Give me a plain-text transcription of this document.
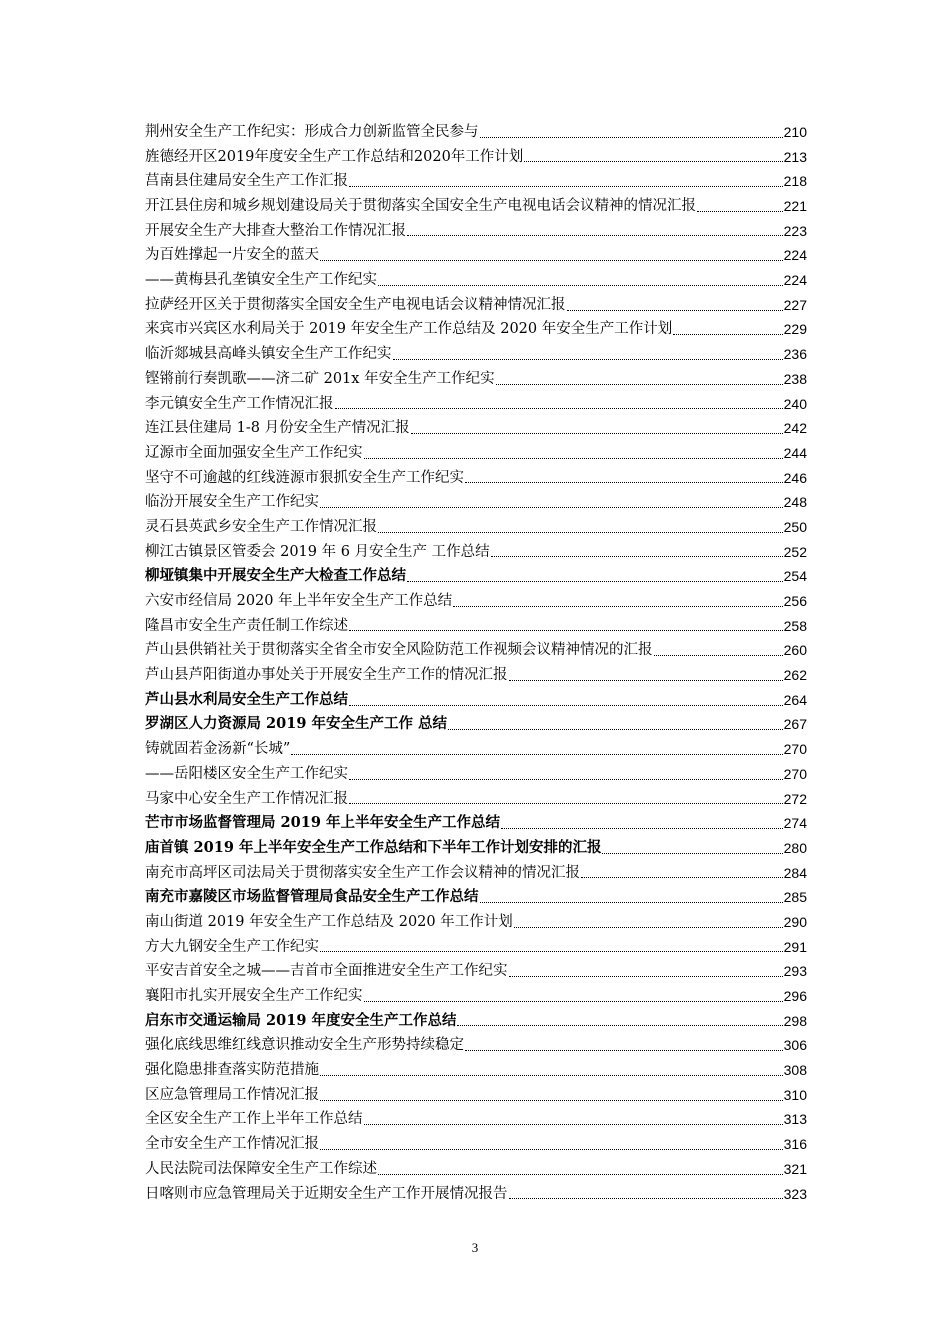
荆州安全生产工作纪实：形成合力创新监管全民参与	210
旌德经开区2019年度安全生产工作总结和2020年工作计划	213
莒南县住建局安全生产工作汇报	218
开江县住房和城乡规划建设局关于贯彻落实全国安全生产电视电话会议精神的情况汇报	221
开展安全生产大排查大整治工作情况汇报	223
为百姓撑起一片安全的蓝天	224
——黄梅县孔垄镇安全生产工作纪实	224
拉萨经开区关于贯彻落实全国安全生产电视电话会议精神情况汇报	227
来宾市兴宾区水利局关于 2019 年安全生产工作总结及 2020 年安全生产工作计划	229
临沂郯城县高峰头镇安全生产工作纪实	236
铿锵前行奏凯歌——济二矿 201x 年安全生产工作纪实	238
李元镇安全生产工作情况汇报	240
连江县住建局 1-8 月份安全生产情况汇报	242
辽源市全面加强安全生产工作纪实	244
坚守不可逾越的红线涟源市狠抓安全生产工作纪实	246
临汾开展安全生产工作纪实	248
灵石县英武乡安全生产工作情况汇报	250
柳江古镇景区管委会 2019 年 6 月安全生产 工作总结	252
柳垭镇集中开展安全生产大检查工作总结	254
六安市经信局 2020 年上半年安全生产工作总结	256
隆昌市安全生产责任制工作综述	258
芦山县供销社关于贯彻落实全省全市安全风险防范工作视频会议精神情况的汇报	260
芦山县芦阳街道办事处关于开展安全生产工作的情况汇报	262
芦山县水利局安全生产工作总结	264
罗湖区人力资源局 2019 年安全生产工作 总结	267
铸就固若金汤新“长城”	270
——岳阳楼区安全生产工作纪实	270
马家中心安全生产工作情况汇报	272
芒市市场监督管理局 2019 年上半年安全生产工作总结	274
庙首镇 2019 年上半年安全生产工作总结和下半年工作计划安排的汇报	280
南充市高坪区司法局关于贯彻落实安全生产工作会议精神的情况汇报	284
南充市嘉陵区市场监督管理局食品安全生产工作总结	285
南山街道 2019 年安全生产工作总结及 2020 年工作计划	290
方大九钢安全生产工作纪实	291
平安吉首安全之城——吉首市全面推进安全生产工作纪实	293
襄阳市扎实开展安全生产工作纪实	296
启东市交通运输局 2019 年度安全生产工作总结	298
强化底线思维红线意识推动安全生产形势持续稳定	306
强化隐患排查落实防范措施	308
区应急管理局工作情况汇报	310
全区安全生产工作上半年工作总结	313
全市安全生产工作情况汇报	316
人民法院司法保障安全生产工作综述	321
日喀则市应急管理局关于近期安全生产工作开展情况报告	323
3
